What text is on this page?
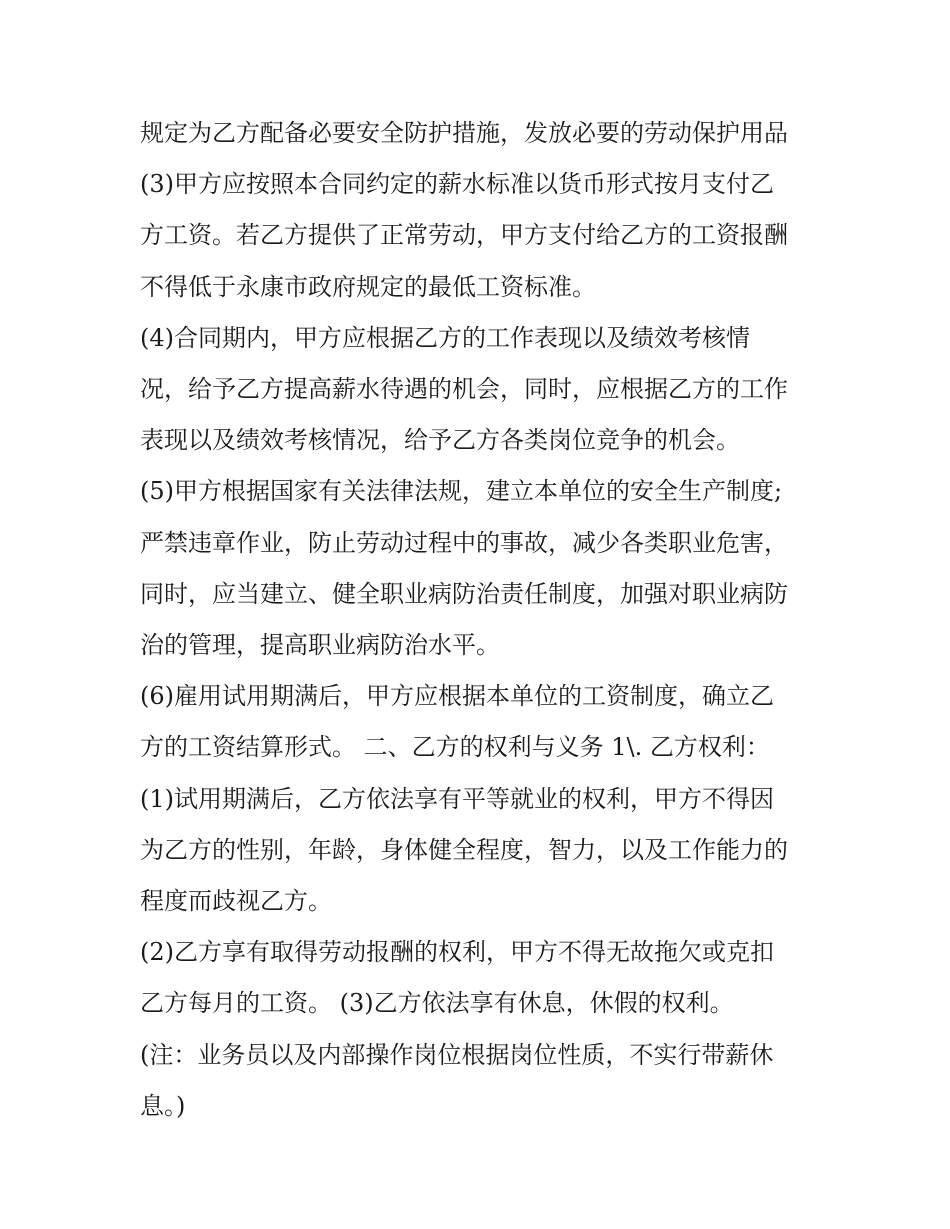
规定为乙方配备必要安全防护措施，发放必要的劳动保护用品
(3)甲方应按照本合同约定的薪水标准以货币形式按月支付乙
方工资。若乙方提供了正常劳动，甲方支付给乙方的工资报酬
不得低于永康市政府规定的最低工资标准。
(4)合同期内，甲方应根据乙方的工作表现以及绩效考核情
况，给予乙方提高薪水待遇的机会，同时，应根据乙方的工作
表现以及绩效考核情况，给予乙方各类岗位竞争的机会。
(5)甲方根据国家有关法律法规，建立本单位的安全生产制度;
严禁违章作业，防止劳动过程中的事故，减少各类职业危害，
同时，应当建立、健全职业病防治责任制度，加强对职业病防
治的管理，提高职业病防治水平。
(6)雇用试用期满后，甲方应根据本单位的工资制度，确立乙
方的工资结算形式。 二、乙方的权利与义务 1\. 乙方权利：
(1)试用期满后，乙方依法享有平等就业的权利，甲方不得因
为乙方的性别，年龄，身体健全程度，智力，以及工作能力的
程度而歧视乙方。
(2)乙方享有取得劳动报酬的权利，甲方不得无故拖欠或克扣
乙方每月的工资。 (3)乙方依法享有休息，休假的权利。
(注：业务员以及内部操作岗位根据岗位性质，不实行带薪休
息。)
